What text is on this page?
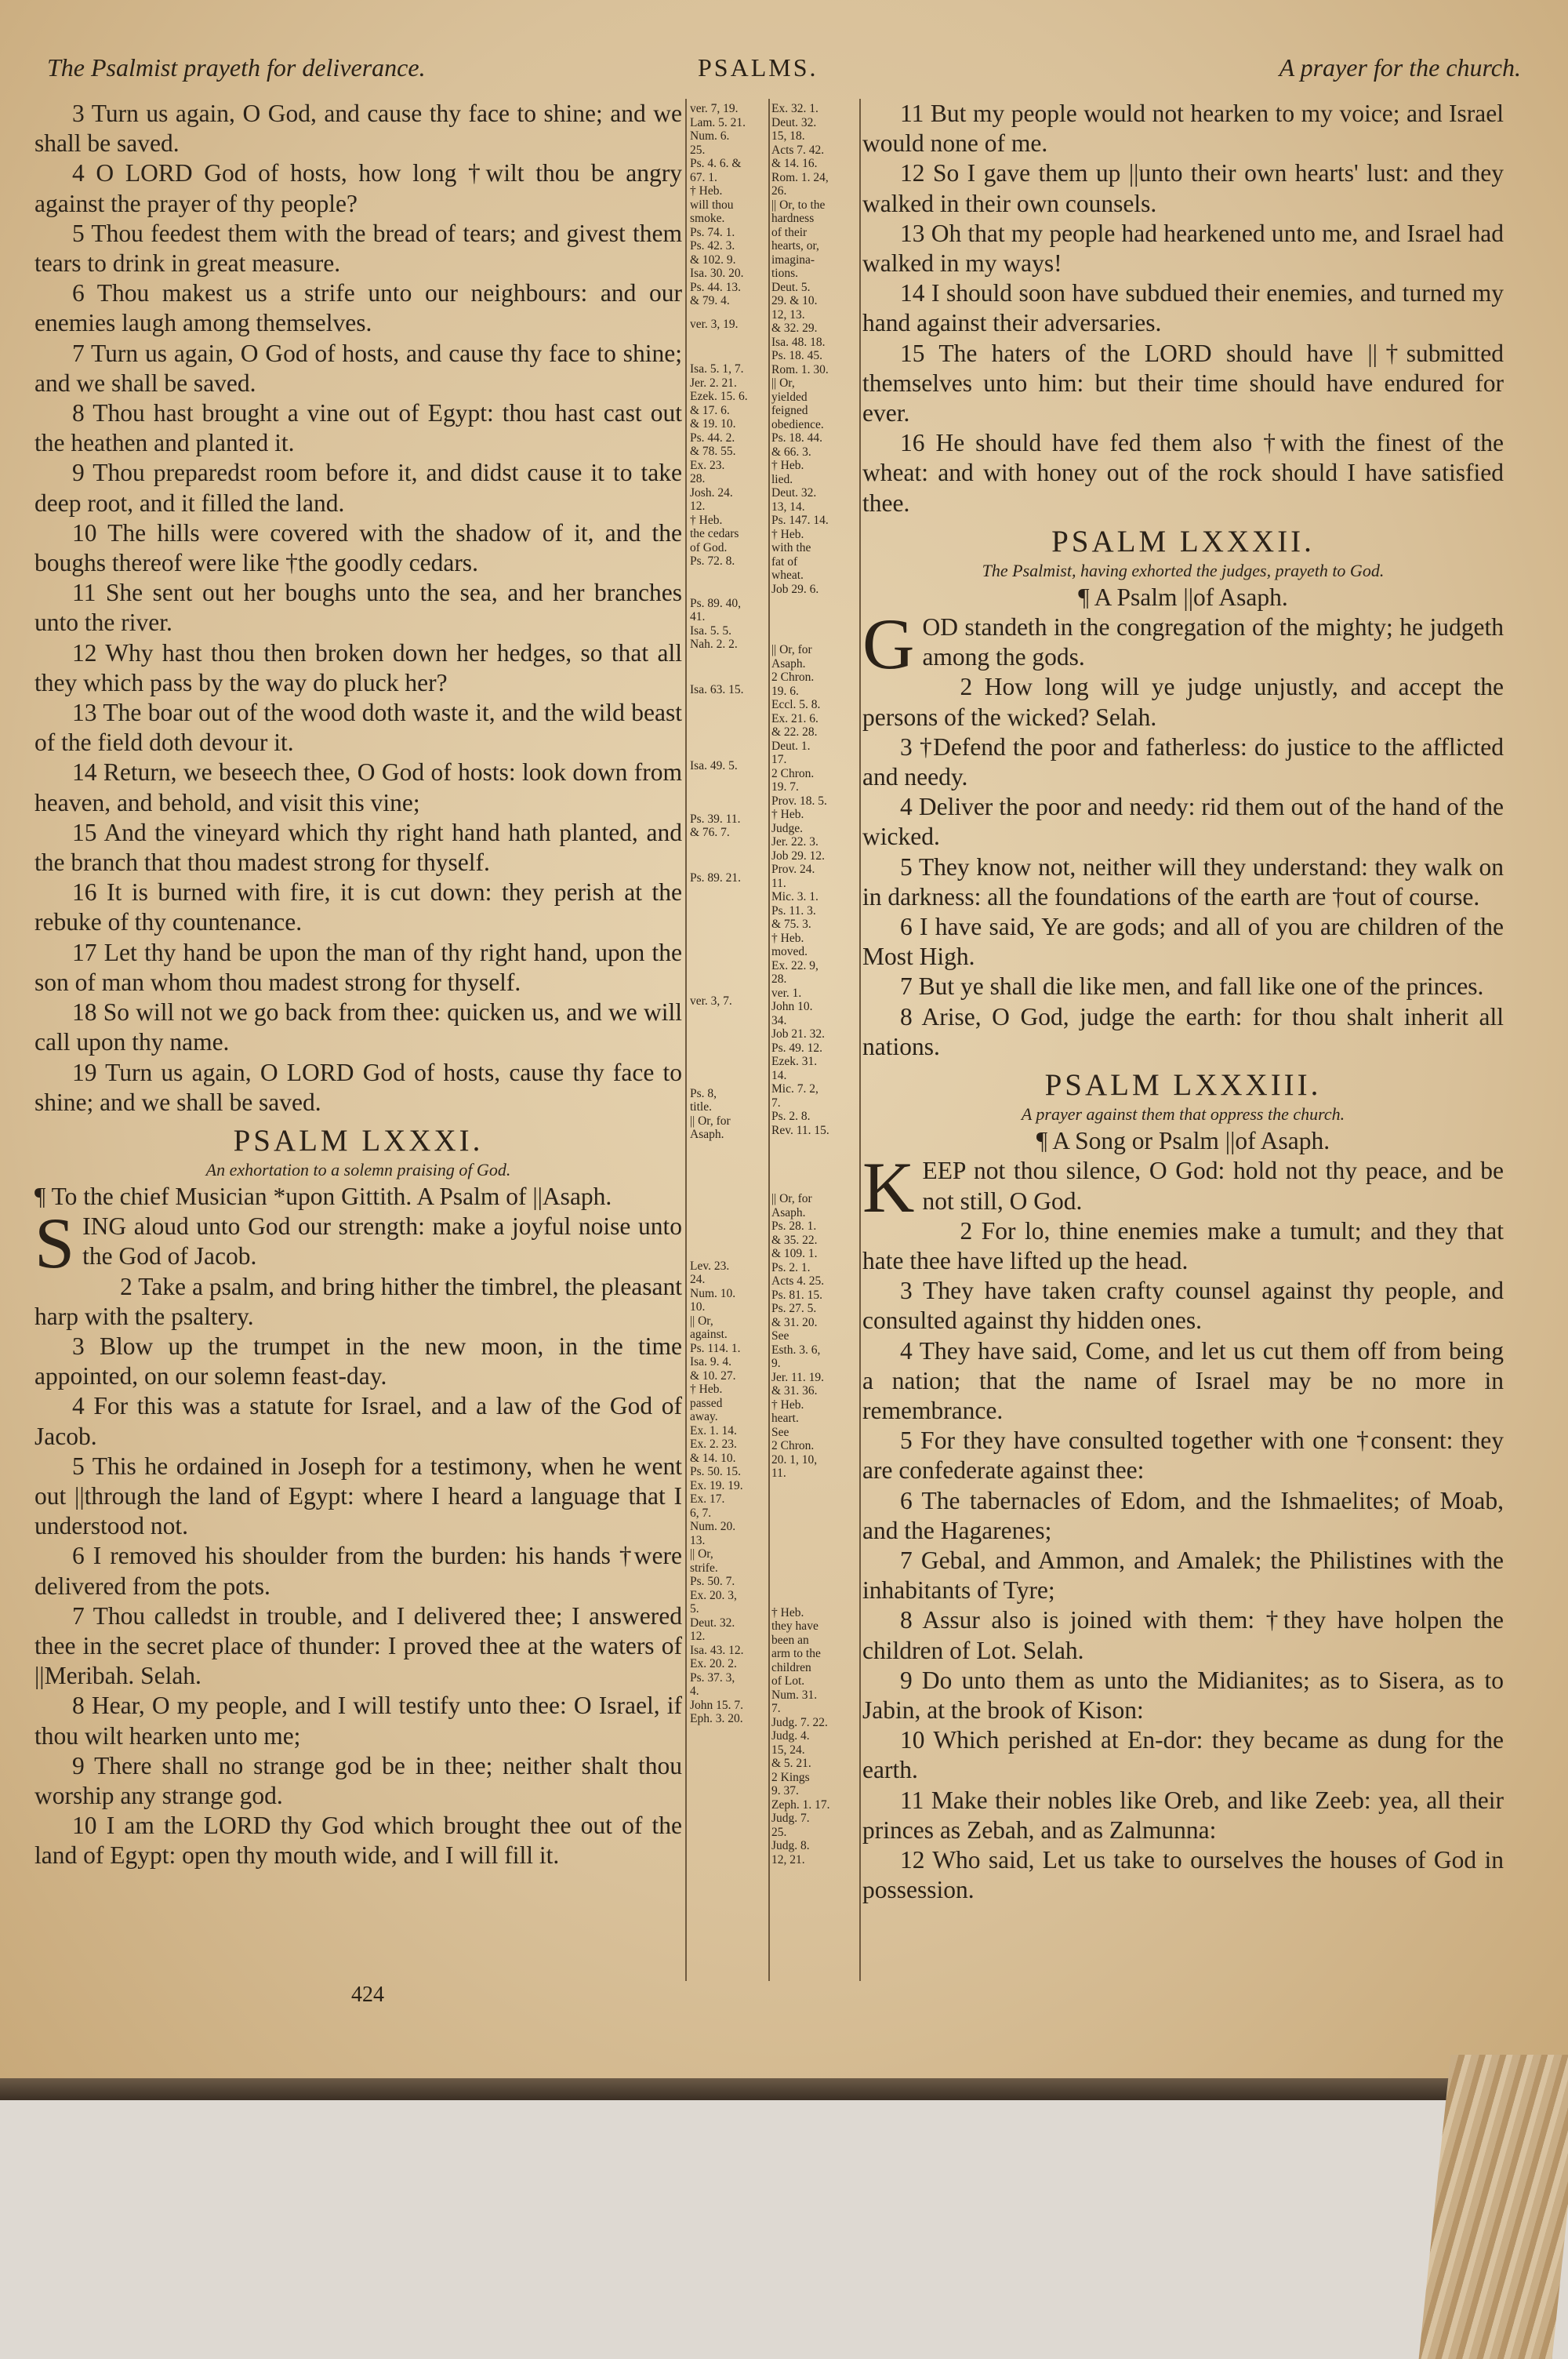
The Psalmist prayeth for deliverance.	PSALMS.	A prayer for the church.

3 Turn us again, O God, and cause thy face to shine; and we shall be saved.

4 O LORD God of hosts, how long †wilt thou be angry against the prayer of thy people?

5 Thou feedest them with the bread of tears; and givest them tears to drink in great measure.

6 Thou makest us a strife unto our neighbours: and our enemies laugh among themselves.

7 Turn us again, O God of hosts, and cause thy face to shine; and we shall be saved.

8 Thou hast brought a vine out of Egypt: thou hast cast out the heathen and planted it.

9 Thou preparedst room before it, and didst cause it to take deep root, and it filled the land.

10 The hills were covered with the shadow of it, and the boughs thereof were like †the goodly cedars.

11 She sent out her boughs unto the sea, and her branches unto the river.

12 Why hast thou then broken down her hedges, so that all they which pass by the way do pluck her?

13 The boar out of the wood doth waste it, and the wild beast of the field doth devour it.

14 Return, we beseech thee, O God of hosts: look down from heaven, and behold, and visit this vine;

15 And the vineyard which thy right hand hath planted, and the branch that thou madest strong for thyself.

16 It is burned with fire, it is cut down: they perish at the rebuke of thy countenance.

17 Let thy hand be upon the man of thy right hand, upon the son of man whom thou madest strong for thyself.

18 So will not we go back from thee: quicken us, and we will call upon thy name.

19 Turn us again, O LORD God of hosts, cause thy face to shine; and we shall be saved.

PSALM LXXXI.

An exhortation to a solemn praising of God.

¶ To the chief Musician *upon Gittith. A Psalm of ||Asaph.

SING aloud unto God our strength: make a joyful noise unto the God of Jacob.

2 Take a psalm, and bring hither the timbrel, the pleasant harp with the psaltery.

3 Blow up the trumpet in the new moon, in the time appointed, on our solemn feast-day.

4 For this was a statute for Israel, and a law of the God of Jacob.

5 This he ordained in Joseph for a testimony, when he went out ||through the land of Egypt: where I heard a language that I understood not.

6 I removed his shoulder from the burden: his hands †were delivered from the pots.

7 Thou calledst in trouble, and I delivered thee; I answered thee in the secret place of thunder: I proved thee at the waters of ||Meribah. Selah.

8 Hear, O my people, and I will testify unto thee: O Israel, if thou wilt hearken unto me;

9 There shall no strange god be in thee; neither shalt thou worship any strange god.

10 I am the LORD thy God which brought thee out of the land of Egypt: open thy mouth wide, and I will fill it.

ver. 7, 19.
Lam. 5. 21.

Num. 6.
25.
Ps. 4. 6. &
67. 1.

† Heb.
will thou
smoke.

Ps. 74. 1.

Ps. 42. 3.
& 102. 9.

Isa. 30. 20.

Ps. 44. 13.
& 79. 4.

ver. 3, 19.

Isa. 5. 1, 7.
Jer. 2. 21.
Ezek. 15. 6.
& 17. 6.
& 19. 10.

Ps. 44. 2.
& 78. 55.

Ex. 23.
28.
Josh. 24.
12.

† Heb.
the cedars
of God.

Ps. 72. 8.

Ps. 89. 40,
41.
Isa. 5. 5.
Nah. 2. 2.

Isa. 63. 15.

Isa. 49. 5.

Ps. 39. 11.
& 76. 7.

Ps. 89. 21.

ver. 3, 7.

Ps. 8,
title.
|| Or, for
Asaph.

Lev. 23.
24.
Num. 10.
10.

|| Or,
against.

Ps. 114. 1.
Isa. 9. 4.
& 10. 27.

† Heb.
passed
away.
Ex. 1. 14.
Ex. 2. 23.
& 14. 10.
Ps. 50. 15.
Ex. 19. 19.
Ex. 17.
6, 7.
Num. 20.
13.
|| Or,
strife.
Ps. 50. 7.
Ex. 20. 3,
5.
Deut. 32.
12.
Isa. 43. 12.
Ex. 20. 2.
Ps. 37. 3,
4.
John 15. 7.
Eph. 3. 20.

Ex. 32. 1.
Deut. 32.
15, 18.
Acts 7. 42.
& 14. 16.
Rom. 1. 24,
26.

|| Or, to the
hardness
of their
hearts, or,
imagina-
tions.

Deut. 5.
29. & 10.
12, 13.
& 32. 29.
Isa. 48. 18.

Ps. 18. 45.
Rom. 1. 30.

|| Or,
yielded
feigned
obedience.

Ps. 18. 44.
& 66. 3.

† Heb.
lied.

Deut. 32.
13, 14.
Ps. 147. 14.

† Heb.
with the
fat of
wheat.

Job 29. 6.

|| Or, for
Asaph.
2 Chron.
19. 6.
Eccl. 5. 8.
Ex. 21. 6.
& 22. 28.
Deut. 1.
17.
2 Chron.
19. 7.
Prov. 18. 5.

† Heb.
Judge.
Jer. 22. 3.
Job 29. 12.
Prov. 24.
11.
Mic. 3. 1.
Ps. 11. 3.
& 75. 3.
† Heb.
moved.
Ex. 22. 9,
28.
ver. 1.
John 10.
34.
Job 21. 32.
Ps. 49. 12.
Ezek. 31.
14.
Mic. 7. 2,
7.
Ps. 2. 8.
Rev. 11. 15.

|| Or, for
Asaph.
Ps. 28. 1.
& 35. 22.
& 109. 1.
Ps. 2. 1.
Acts 4. 25.
Ps. 81. 15.
Ps. 27. 5.
& 31. 20.
See
Esth. 3. 6,
9.
Jer. 11. 19.
& 31. 36.
† Heb.
heart.
See
2 Chron.
20. 1, 10,
11.

† Heb.
they have
been an
arm to the
children
of Lot.
Num. 31.
7.
Judg. 7. 22.
Judg. 4.
15, 24.
& 5. 21.
2 Kings
9. 37.
Zeph. 1. 17.
Judg. 7.
25.
Judg. 8.
12, 21.

11 But my people would not hearken to my voice; and Israel would none of me.

12 So I gave them up ||unto their own hearts' lust: and they walked in their own counsels.

13 Oh that my people had hearkened unto me, and Israel had walked in my ways!

14 I should soon have subdued their enemies, and turned my hand against their adversaries.

15 The haters of the LORD should have ||†submitted themselves unto him: but their time should have endured for ever.

16 He should have fed them also †with the finest of the wheat: and with honey out of the rock should I have satisfied thee.

PSALM LXXXII.

The Psalmist, having exhorted the judges, prayeth to God.

¶ A Psalm ||of Asaph.

GOD standeth in the congregation of the mighty; he judgeth among the gods.

2 How long will ye judge unjustly, and accept the persons of the wicked? Selah.

3 †Defend the poor and fatherless: do justice to the afflicted and needy.

4 Deliver the poor and needy: rid them out of the hand of the wicked.

5 They know not, neither will they understand: they walk on in darkness: all the foundations of the earth are †out of course.

6 I have said, Ye are gods; and all of you are children of the Most High.

7 But ye shall die like men, and fall like one of the princes.

8 Arise, O God, judge the earth: for thou shalt inherit all nations.

PSALM LXXXIII.

A prayer against them that oppress the church.

¶ A Song or Psalm ||of Asaph.

KEEP not thou silence, O God: hold not thy peace, and be not still, O God.

2 For lo, thine enemies make a tumult; and they that hate thee have lifted up the head.

3 They have taken crafty counsel against thy people, and consulted against thy hidden ones.

4 They have said, Come, and let us cut them off from being a nation; that the name of Israel may be no more in remembrance.

5 For they have consulted together with one †consent: they are confederate against thee:

6 The tabernacles of Edom, and the Ishmaelites; of Moab, and the Hagarenes;

7 Gebal, and Ammon, and Amalek; the Philistines with the inhabitants of Tyre;

8 Assur also is joined with them: †they have holpen the children of Lot. Selah.

9 Do unto them as unto the Midianites; as to Sisera, as to Jabin, at the brook of Kison:

10 Which perished at En-dor: they became as dung for the earth.

11 Make their nobles like Oreb, and like Zeeb: yea, all their princes as Zebah, and as Zalmunna:

12 Who said, Let us take to ourselves the houses of God in possession.

424
